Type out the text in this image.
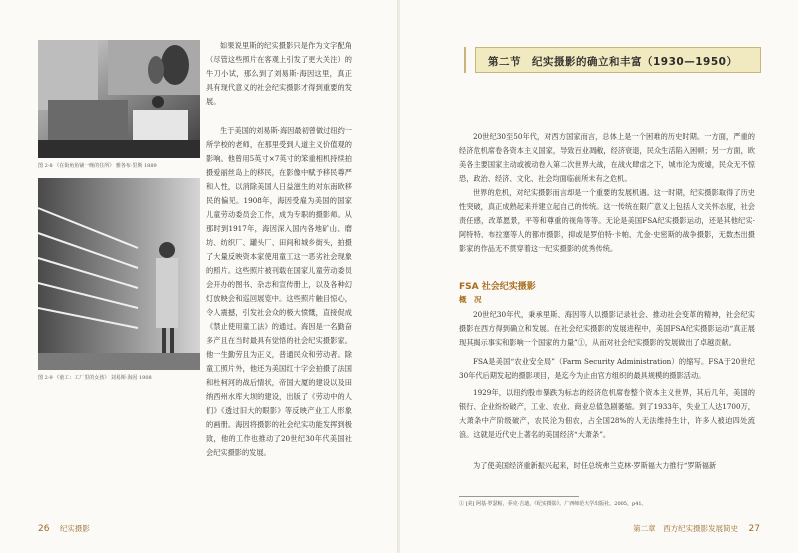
图 2-8 《在街角鱼铺一晚的住所》 雅各布·里斯 1889
图 2-9 《童工：工厂里的女孩》 刘易斯·海因 1908

如果说里斯的纪实摄影只是作为文字配角（尽管这些照片在客观上引发了更大关注）的牛刀小试，那么到了刘易斯·海因这里，真正具有现代意义的社会纪实摄影才得到重要的发展。

生于美国的刘易斯·海因最初曾做过纽约一所学校的老师，在那里受到人道主义价值观的影响。他曾用5英寸×7英寸的笨重相机持续拍摄爱丽丝岛上的移民，在影像中赋予移民尊严和人性，以消除美国人日益滋生的对东南欧移民的偏见。1908年，海因受雇为美国的国家儿童劳动委员会工作，成为专职的摄影师。从那时到1917年，海因深入国内各地矿山、磨坊、纺织厂、罐头厂、田间和城乡街头，拍摄了大量反映资本家使用童工这一恶劣社会现象的照片。这些照片被刊载在国家儿童劳动委员会开办的图书、杂志和宣传册上，以及各种幻灯放映会和巡回展览中。这些照片触目惊心，令人震撼，引发社会众的极大愤慨，直接促成《禁止使用童工法》的通过。海因是一名勤奋多产且在当时最具有觉悟的社会纪实摄影家。他一生勤劳且为正义，普通民众和劳动者。除童工照片外，他还为美国红十字会拍摄了法国和杜柯河的战后情状，帝国大厦的建设以及田纳西州水库大坝的建设，出版了《劳动中的人们》《透过旧大的眼影》等反映产业工人形象的画册。海因将摄影的社会纪实功能发挥到极致，他的工作也推动了20世纪30年代美国社会纪实摄影的发展。

26 纪实摄影
第二节　纪实摄影的确立和丰富（1930—1950）

20世纪30至50年代，对西方国家而言，总体上是一个困难的历史时期。一方面，严重的经济危机席卷各资本主义国家，导致百业凋敝，经济衰退，民众生活陷入困顿；另一方面，欧美各主要国家主动或被动卷入第二次世界大战，在战火肆虐之下，城市沦为废墟，民众无不惊恐，政治、经济、文化、社会均面临前所未有之危机。

世界的危机，对纪实摄影而言却是一个重要的发展机遇。这一时期，纪实摄影取得了历史性突破，真正成熟起来并建立起自己的传统。这一传统在限广意义上包括人文关怀态度，社会责任感，改革愿景，平等和尊重的视角等等。无论是美国FSA纪实摄影运动，还是其他纪实·阿特特、布拉塞等人的都市摄影，抑或是罗伯特·卡帕、尤金·史密斯的战争摄影，无数杰出摄影家的作品无不贯穿着这一纪实摄影的优秀传统。

FSA 社会纪实摄影
概　况

20世纪30年代，秉承里斯、海因等人以摄影记录社会、推动社会变革的精神，社会纪实摄影在西方得到确立和发展。在社会纪实摄影的发展进程中，美国FSA纪实摄影运动“真正展现其揭示事实和影响一个国家的力量”①，从而对社会纪实摄影的发展做出了卓越贡献。

FSA是美国“农业安全局”（Farm Security Administration）的缩写。FSA于20世纪30年代后期发起的摄影项目，是迄今为止由官方组织的最具规模的摄影活动。

1929年，以纽约股市暴跌为标志的经济危机席卷整个资本主义世界，其后几年，美国的银行、企业纷纷破产，工业、农业、商业总值急剧萎缩。到了1933年，失业工人达1700万，大萧条中产阶级破产，农民沦为佃农，占全国28%的人无法维持生计，许多人被迫四处流浪。这就是近代史上著名的美国经济“大萧条”。

为了使美国经济重新振兴起来，时任总统弗兰克林·罗斯福大力推行“罗斯福新

① [美] 阿基·罗瑟帖，乔克·吉迪，《纪实摄影》，广西师范大学出版社，2005，p41。
第二章　西方纪实摄影发展简史 27
